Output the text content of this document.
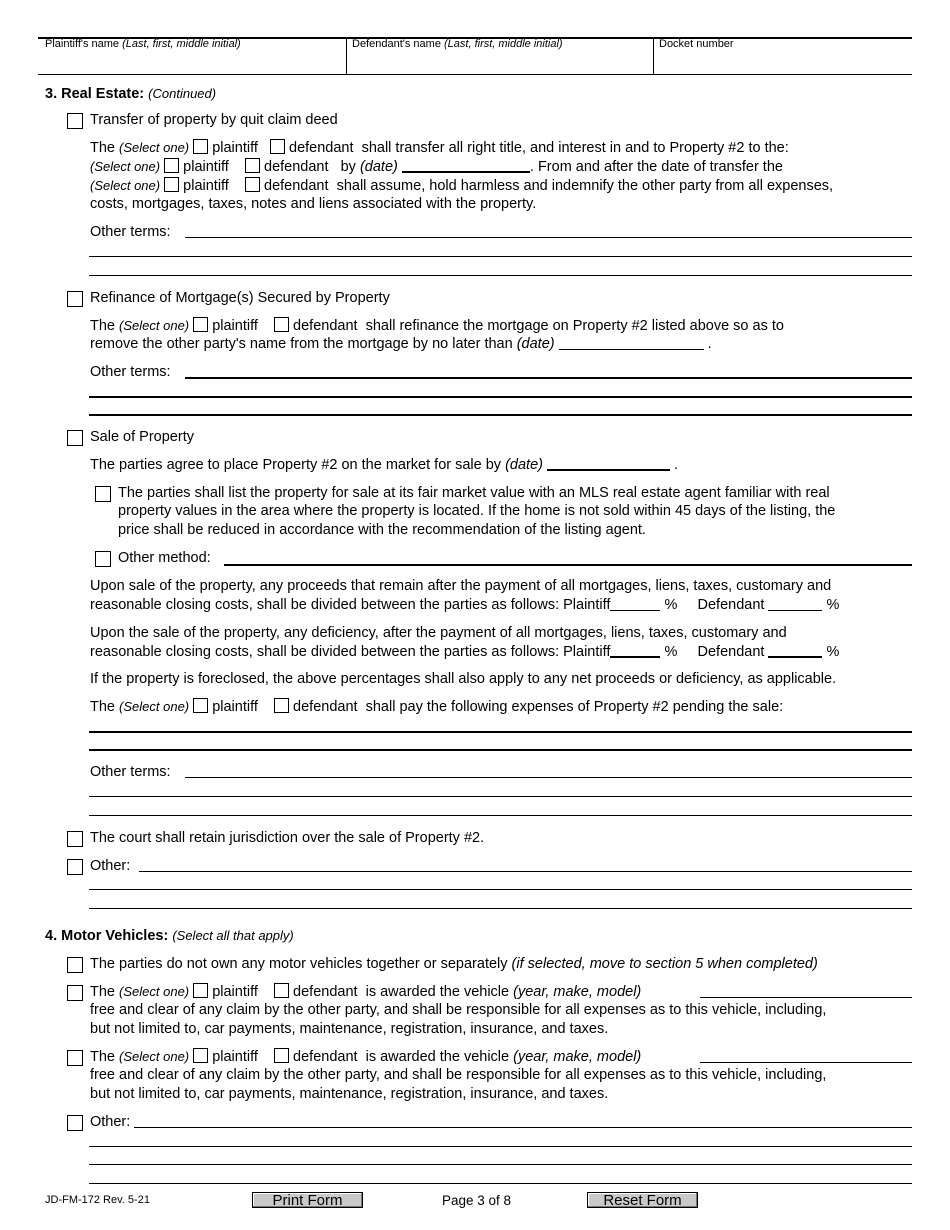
Plaintiff's name (Last, first, middle initial)	Defendant's name (Last, first, middle initial)	Docket number
3. Real Estate: (Continued)
Transfer of property by quit claim deed
The (Select one) plaintiff defendant shall transfer all right title, and interest in and to Property #2 to the:
(Select one) plaintiff defendant by (date)	. From and after the date of transfer the
(Select one) plaintiff defendant shall assume, hold harmless and indemnify the other party from all expenses,
costs, mortgages, taxes, notes and liens associated with the property.
Other terms:
Refinance of Mortgage(s) Secured by Property
The (Select one) plaintiff defendant shall refinance the mortgage on Property #2 listed above so as to
remove the other party's name from the mortgage by no later than (date)	.
Other terms:
Sale of Property
The parties agree to place Property #2 on the market for sale by (date)	.
The parties shall list the property for sale at its fair market value with an MLS real estate agent familiar with real
property values in the area where the property is located. If the home is not sold within 45 days of the listing, the
price shall be reduced in accordance with the recommendation of the listing agent.
Other method:
Upon sale of the property, any proceeds that remain after the payment of all mortgages, liens, taxes, customary and
reasonable closing costs, shall be divided between the parties as follows: Plaintiff	% Defendant	%
Upon the sale of the property, any deficiency, after the payment of all mortgages, liens, taxes, customary and
reasonable closing costs, shall be divided between the parties as follows: Plaintiff	% Defendant	%
If the property is foreclosed, the above percentages shall also apply to any net proceeds or deficiency, as applicable.
The (Select one) plaintiff defendant shall pay the following expenses of Property #2 pending the sale:
Other terms:
The court shall retain jurisdiction over the sale of Property #2.
Other:
4. Motor Vehicles: (Select all that apply)
The parties do not own any motor vehicles together or separately (if selected, move to section 5 when completed)
The (Select one) plaintiff defendant is awarded the vehicle (year, make, model)
free and clear of any claim by the other party, and shall be responsible for all expenses as to this vehicle, including,
but not limited to, car payments, maintenance, registration, insurance, and taxes.
The (Select one) plaintiff defendant is awarded the vehicle (year, make, model)
free and clear of any claim by the other party, and shall be responsible for all expenses as to this vehicle, including,
but not limited to, car payments, maintenance, registration, insurance, and taxes.
Other:
JD-FM-172 Rev. 5-21	Print Form	Page 3 of 8	Reset Form
